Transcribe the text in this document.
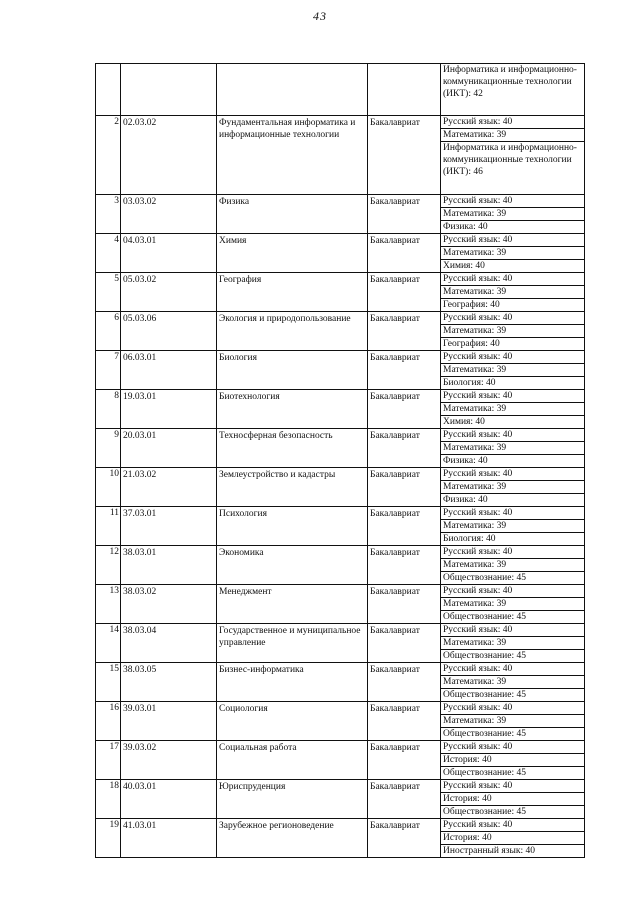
43

				Информатика и информационно-коммуникационные технологии (ИКТ): 42

2	02.03.02	Фундаментальная информатика и информационные технологии	Бакалавриат	Русский язык: 40
Математика: 39
Информатика и информационно-коммуникационные технологии (ИКТ): 46

3	03.03.02	Физика	Бакалавриат	Русский язык: 40
Математика: 39
Физика: 40

4	04.03.01	Химия	Бакалавриат	Русский язык: 40
Математика: 39
Химия: 40

5	05.03.02	География	Бакалавриат	Русский язык: 40
Математика: 39
География: 40

6	05.03.06	Экология и природопользование	Бакалавриат	Русский язык: 40
Математика: 39
География: 40

7	06.03.01	Биология	Бакалавриат	Русский язык: 40
Математика: 39
Биология: 40

8	19.03.01	Биотехнология	Бакалавриат	Русский язык: 40
Математика: 39
Химия: 40

9	20.03.01	Техносферная безопасность	Бакалавриат	Русский язык: 40
Математика: 39
Физика: 40

10	21.03.02	Землеустройство и кадастры	Бакалавриат	Русский язык: 40
Математика: 39
Физика: 40

11	37.03.01	Психология	Бакалавриат	Русский язык: 40
Математика: 39
Биология: 40

12	38.03.01	Экономика	Бакалавриат	Русский язык: 40
Математика: 39
Обществознание: 45

13	38.03.02	Менеджмент	Бакалавриат	Русский язык: 40
Математика: 39
Обществознание: 45

14	38.03.04	Государственное и муниципальное управление	Бакалавриат	Русский язык: 40
Математика: 39
Обществознание: 45

15	38.03.05	Бизнес-информатика	Бакалавриат	Русский язык: 40
Математика: 39
Обществознание: 45

16	39.03.01	Социология	Бакалавриат	Русский язык: 40
Математика: 39
Обществознание: 45

17	39.03.02	Социальная работа	Бакалавриат	Русский язык: 40
История: 40
Обществознание: 45

18	40.03.01	Юриспруденция	Бакалавриат	Русский язык: 40
История: 40
Обществознание: 45

19	41.03.01	Зарубежное регионоведение	Бакалавриат	Русский язык: 40
История: 40
Иностранный язык: 40
